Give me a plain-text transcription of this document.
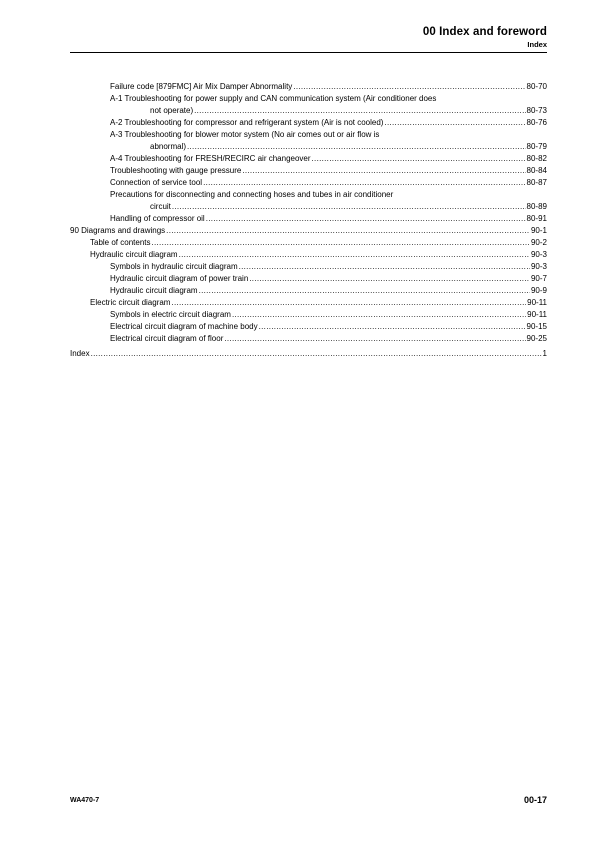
00 Index and foreword
Index
Failure code [879FMC] Air Mix Damper Abnormality .....	80-70
A-1 Troubleshooting for power supply and CAN communication system (Air conditioner does
not operate) .....	80-73
A-2 Troubleshooting for compressor and refrigerant system (Air is not cooled) .....	80-76
A-3 Troubleshooting for blower motor system (No air comes out or air flow is
abnormal) .....	80-79
A-4 Troubleshooting for FRESH/RECIRC air changeover .....	80-82
Troubleshooting with gauge pressure .....	80-84
Connection of service tool .....	80-87
Precautions for disconnecting and connecting hoses and tubes in air conditioner
circuit .....	80-89
Handling of compressor oil .....	80-91
90 Diagrams and drawings .....	90-1
Table of contents .....	90-2
Hydraulic circuit diagram .....	90-3
Symbols in hydraulic circuit diagram .....	90-3
Hydraulic circuit diagram of power train .....	90-7
Hydraulic circuit diagram .....	90-9
Electric circuit diagram .....	90-11
Symbols in electric circuit diagram .....	90-11
Electrical circuit diagram of machine body .....	90-15
Electrical circuit diagram of floor .....	90-25
Index .....	1
WA470-7	00-17
